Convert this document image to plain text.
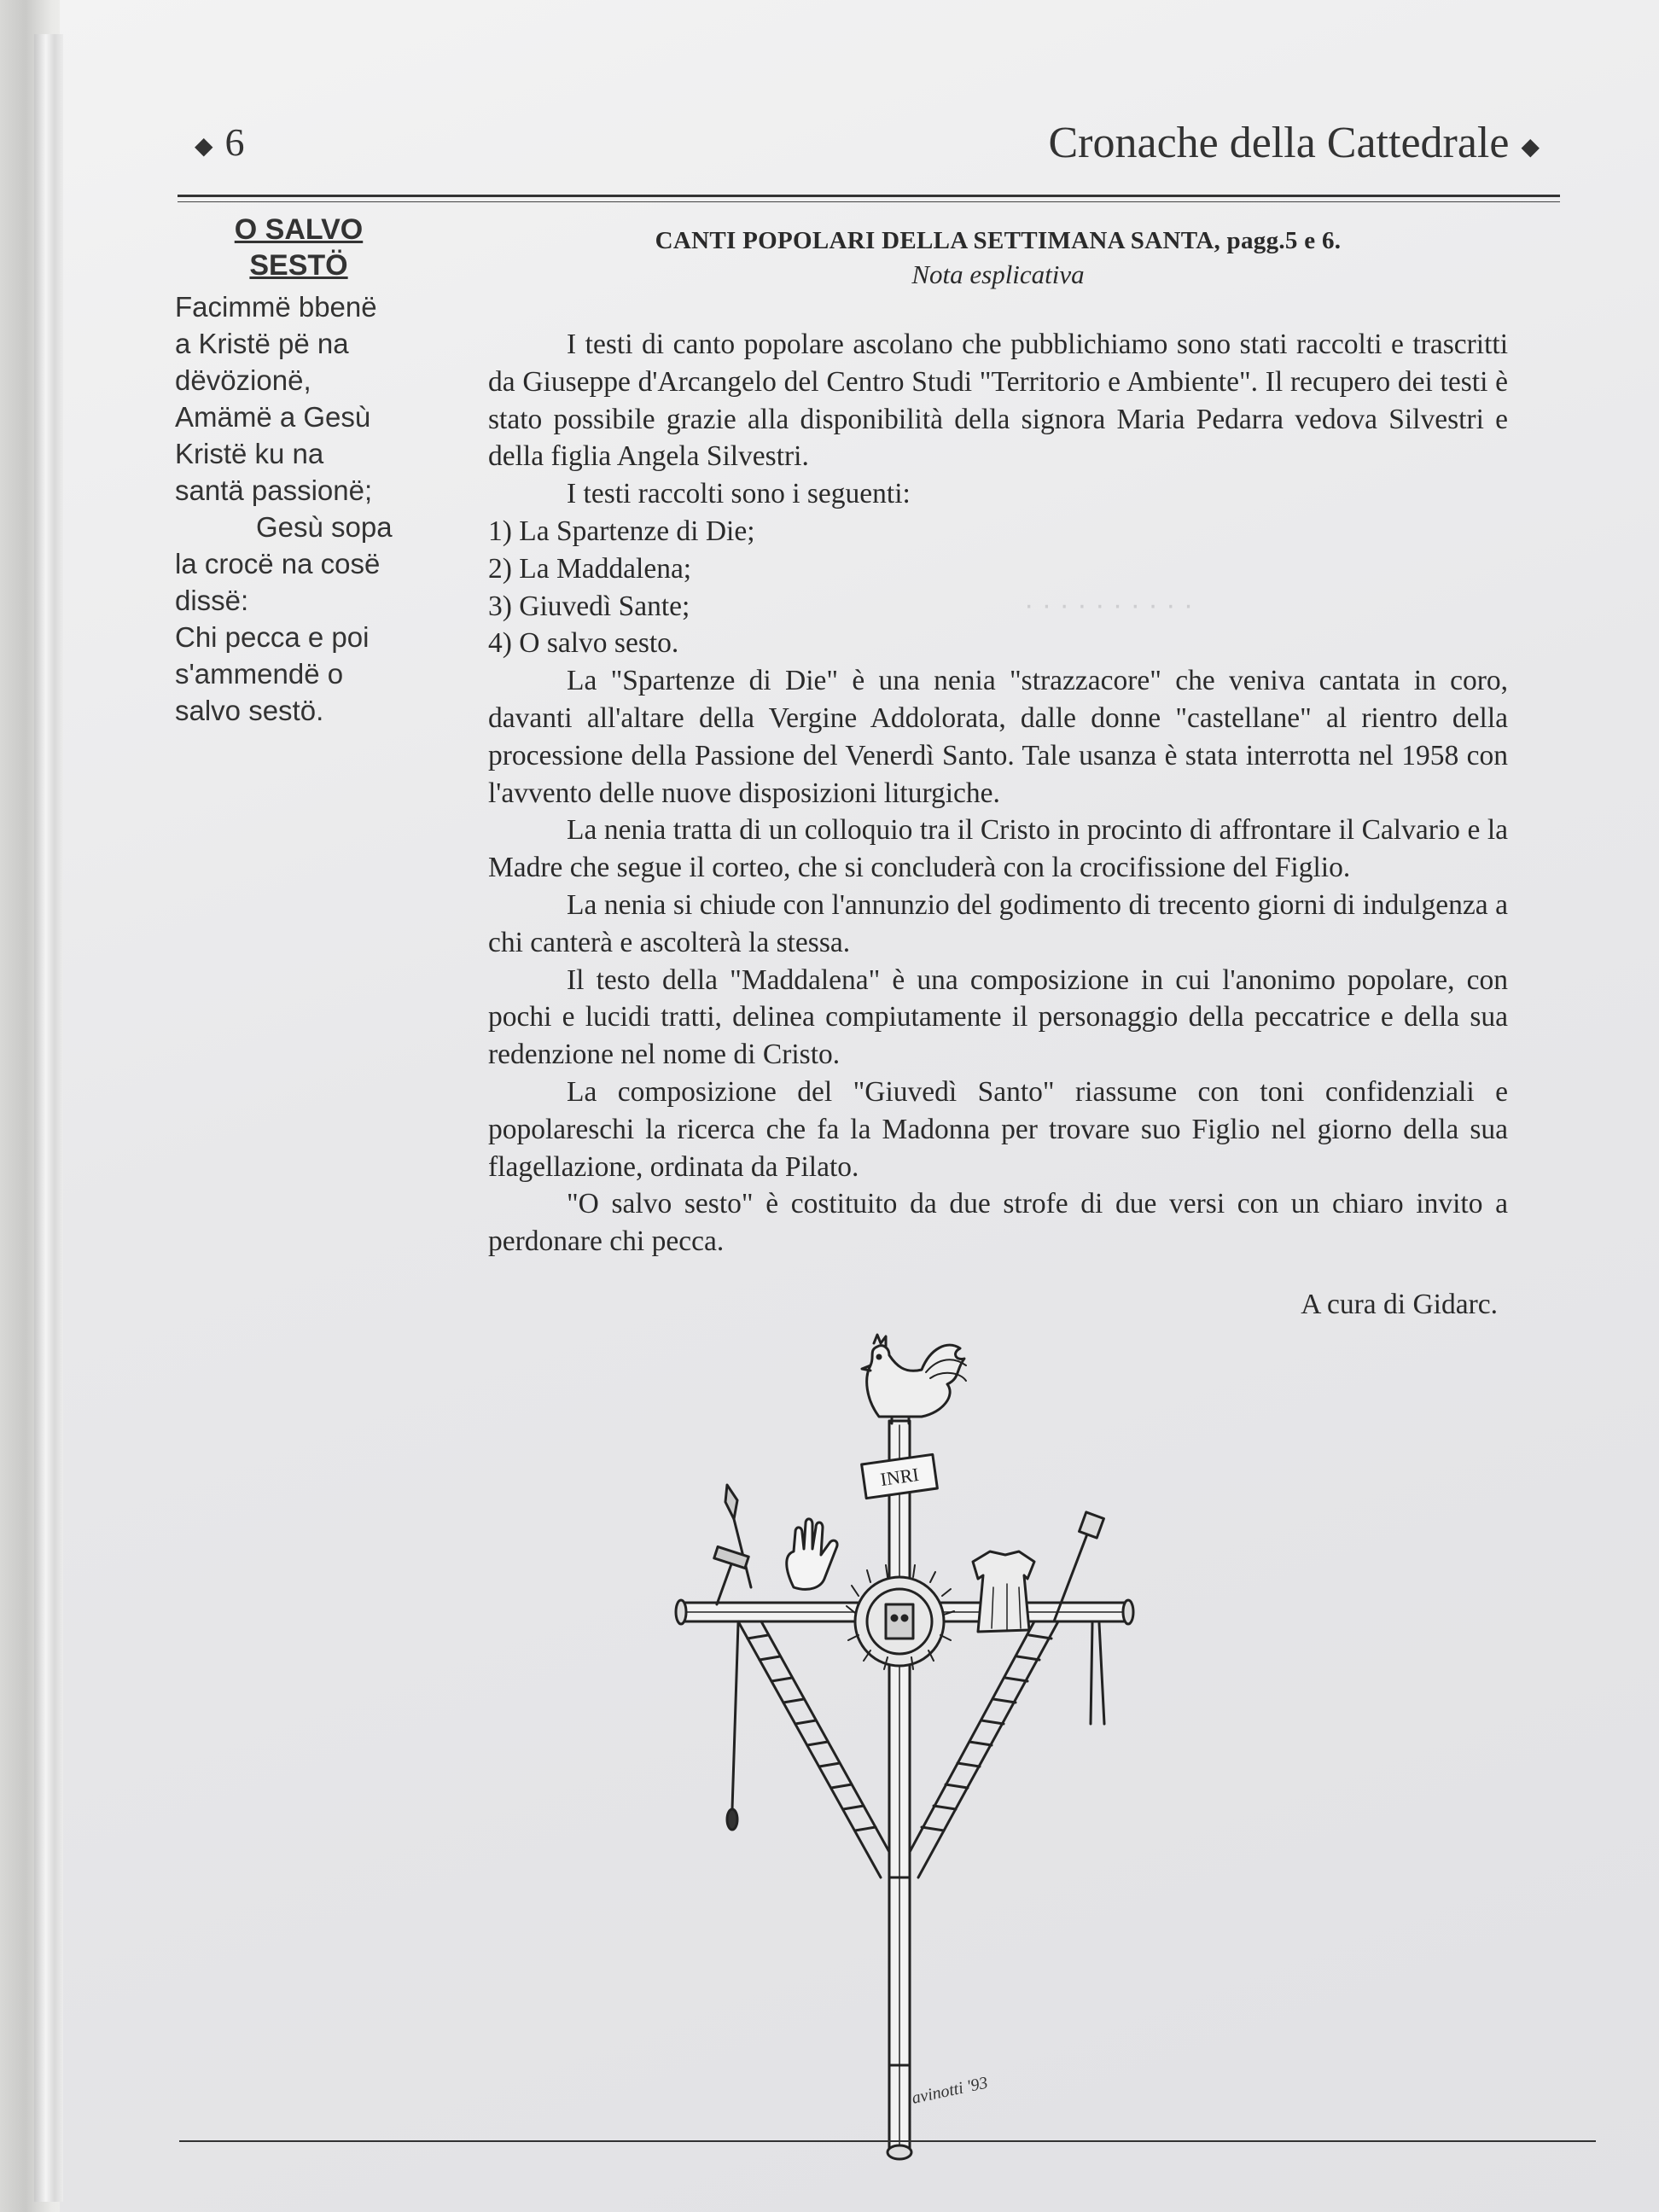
· · · · · · · · · ·
◆ 6	Cronache della Cattedrale ◆
O SALVO
SESTÖ
Facimmë bbenë
a Kristë pë na
dëvözionë,
Amämë a Gesù
Kristë ku na
santä passionë;
Gesù sopa
la crocë na cosë
dissë:
Chi pecca e poi
s'ammendë o
salvo sestö.
CANTI POPOLARI DELLA SETTIMANA SANTA, pagg.5 e 6.
Nota esplicativa

I testi di canto popolare ascolano che pubblichiamo sono stati raccolti e trascritti da Giuseppe d'Arcangelo del Centro Studi "Territorio e Ambiente". Il recupero dei testi è stato possibile grazie alla disponibilità della signora Maria Pedarra vedova Silvestri e della figlia Angela Silvestri.

I testi raccolti sono i seguenti:

1) La Spartenze di Die;

2) La Maddalena;

3) Giuvedì Sante;

4) O salvo sesto.

La "Spartenze di Die" è una nenia "strazzacore" che veniva cantata in coro, davanti all'altare della Vergine Addolorata, dalle donne "castellane" al rientro della processione della Passione del Venerdì Santo. Tale usanza è stata interrotta nel 1958 con l'avvento delle nuove disposizioni liturgiche.

La nenia tratta di un colloquio tra il Cristo in procinto di affrontare il Calvario e la Madre che segue il corteo, che si concluderà con la crocifissione del Figlio.

La nenia si chiude con l'annunzio del godimento di trecento giorni di indulgenza a chi canterà e ascolterà la stessa.

Il testo della "Maddalena" è una composizione in cui l'anonimo popolare, con pochi e lucidi tratti, delinea compiutamente il personaggio della peccatrice e della sua redenzione nel nome di Cristo.

La composizione del "Giuvedì Santo" riassume con toni confidenziali e popolareschi la ricerca che fa la Madonna per trovare suo Figlio nel giorno della sua flagellazione, ordinata da Pilato.

"O salvo sesto" è costituito da due strofe di due versi con un chiaro invito a perdonare chi pecca.

A cura di Gidarc.
INRI
avinotti '93
